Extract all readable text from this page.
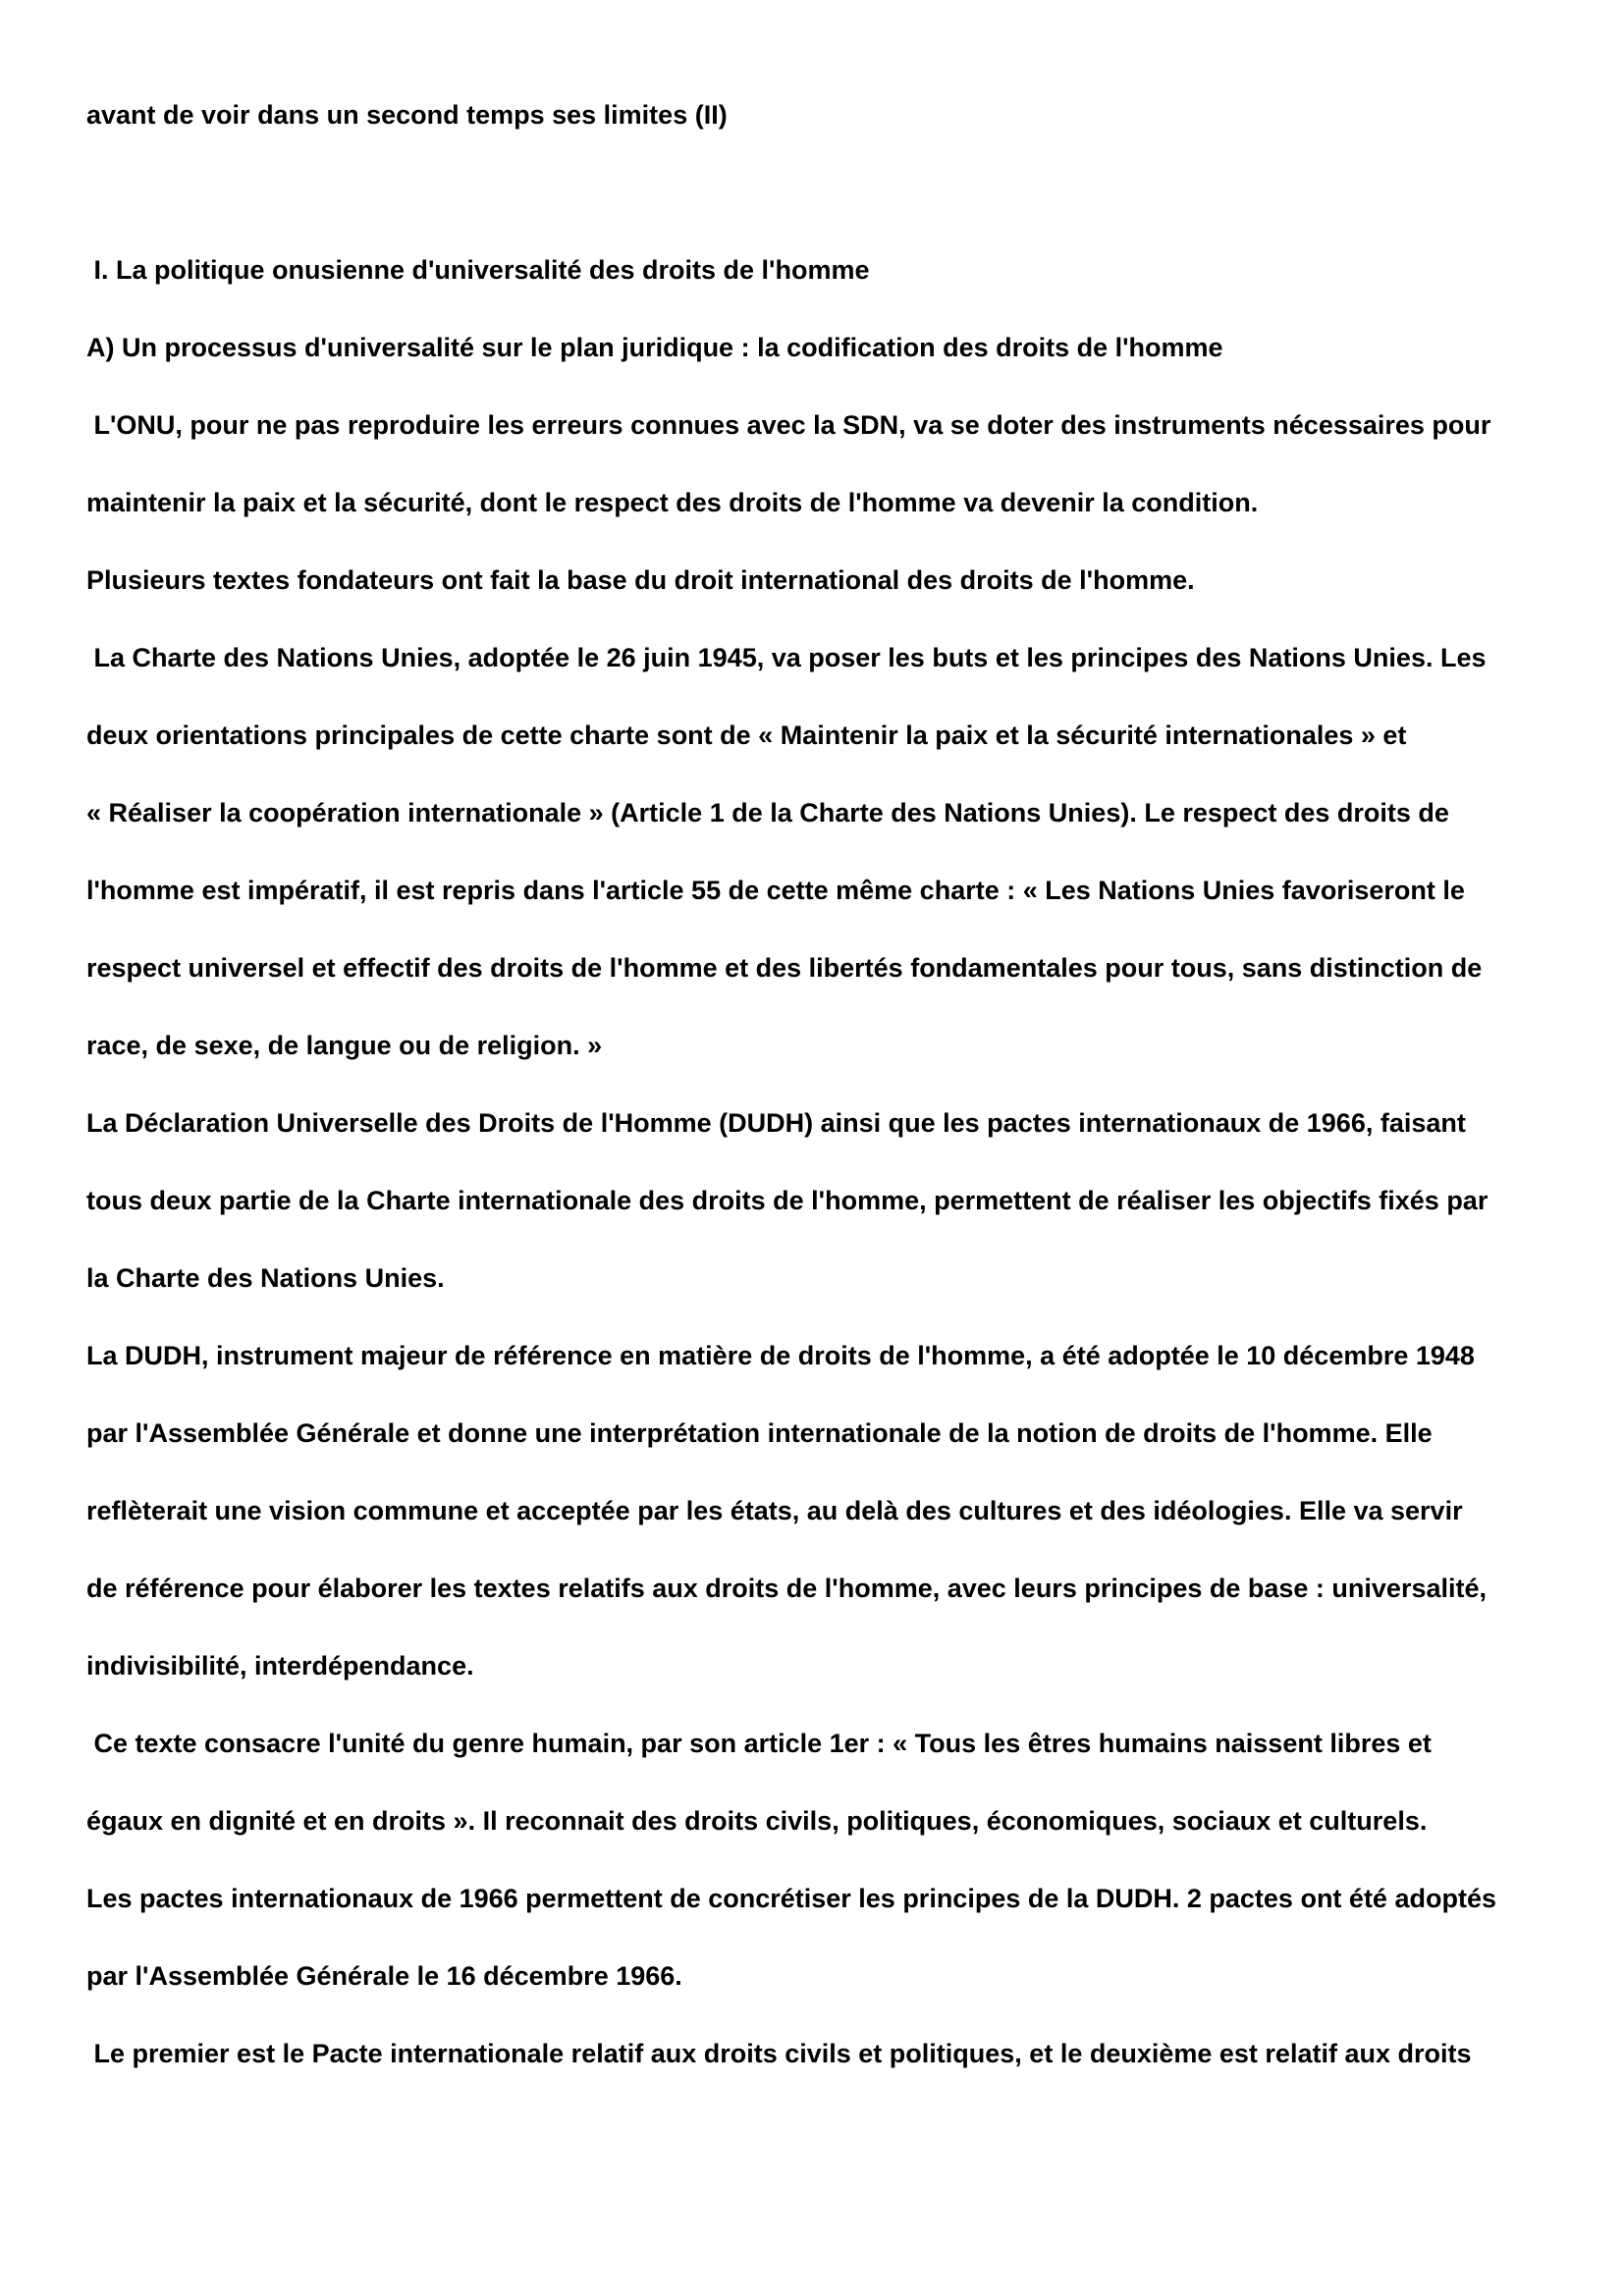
avant de voir dans un second temps ses limites (II)
I. La politique onusienne d'universalité des droits de l'homme
A) Un processus d'universalité sur le plan juridique : la codification des droits de l'homme
L'ONU, pour ne pas reproduire les erreurs connues avec la SDN, va se doter des instruments nécessaires pour
maintenir la paix et la sécurité, dont le respect des droits de l'homme va devenir la condition.
Plusieurs textes fondateurs ont fait la base du droit international des droits de l'homme.
La Charte des Nations Unies, adoptée le 26 juin 1945, va poser les buts et les principes des Nations Unies. Les
deux orientations principales de cette charte sont de « Maintenir la paix et la sécurité internationales » et
« Réaliser la coopération internationale » (Article 1 de la Charte des Nations Unies). Le respect des droits de
l'homme est impératif, il est repris dans l'article 55 de cette même charte : « Les Nations Unies favoriseront le
respect universel et effectif des droits de l'homme et des libertés fondamentales pour tous, sans distinction de
race, de sexe, de langue ou de religion. »
La Déclaration Universelle des Droits de l'Homme (DUDH) ainsi que les pactes internationaux de 1966, faisant
tous deux partie de la Charte internationale des droits de l'homme, permettent de réaliser les objectifs fixés par
la Charte des Nations Unies.
La DUDH, instrument majeur de référence en matière de droits de l'homme, a été adoptée le 10 décembre 1948
par l'Assemblée Générale et donne une interprétation internationale de la notion de droits de l'homme. Elle
reflèterait une vision commune et acceptée par les états, au delà des cultures et des idéologies. Elle va servir
de référence pour élaborer les textes relatifs aux droits de l'homme, avec leurs principes de base : universalité,
indivisibilité, interdépendance.
Ce texte consacre l'unité du genre humain, par son article 1er : « Tous les êtres humains naissent libres et
égaux en dignité et en droits ». Il reconnait des droits civils, politiques, économiques, sociaux et culturels.
Les pactes internationaux de 1966 permettent de concrétiser les principes de la DUDH. 2 pactes ont été adoptés
par l'Assemblée Générale le 16 décembre 1966.
Le premier est le Pacte internationale relatif aux droits civils et politiques, et le deuxième est relatif aux droits
